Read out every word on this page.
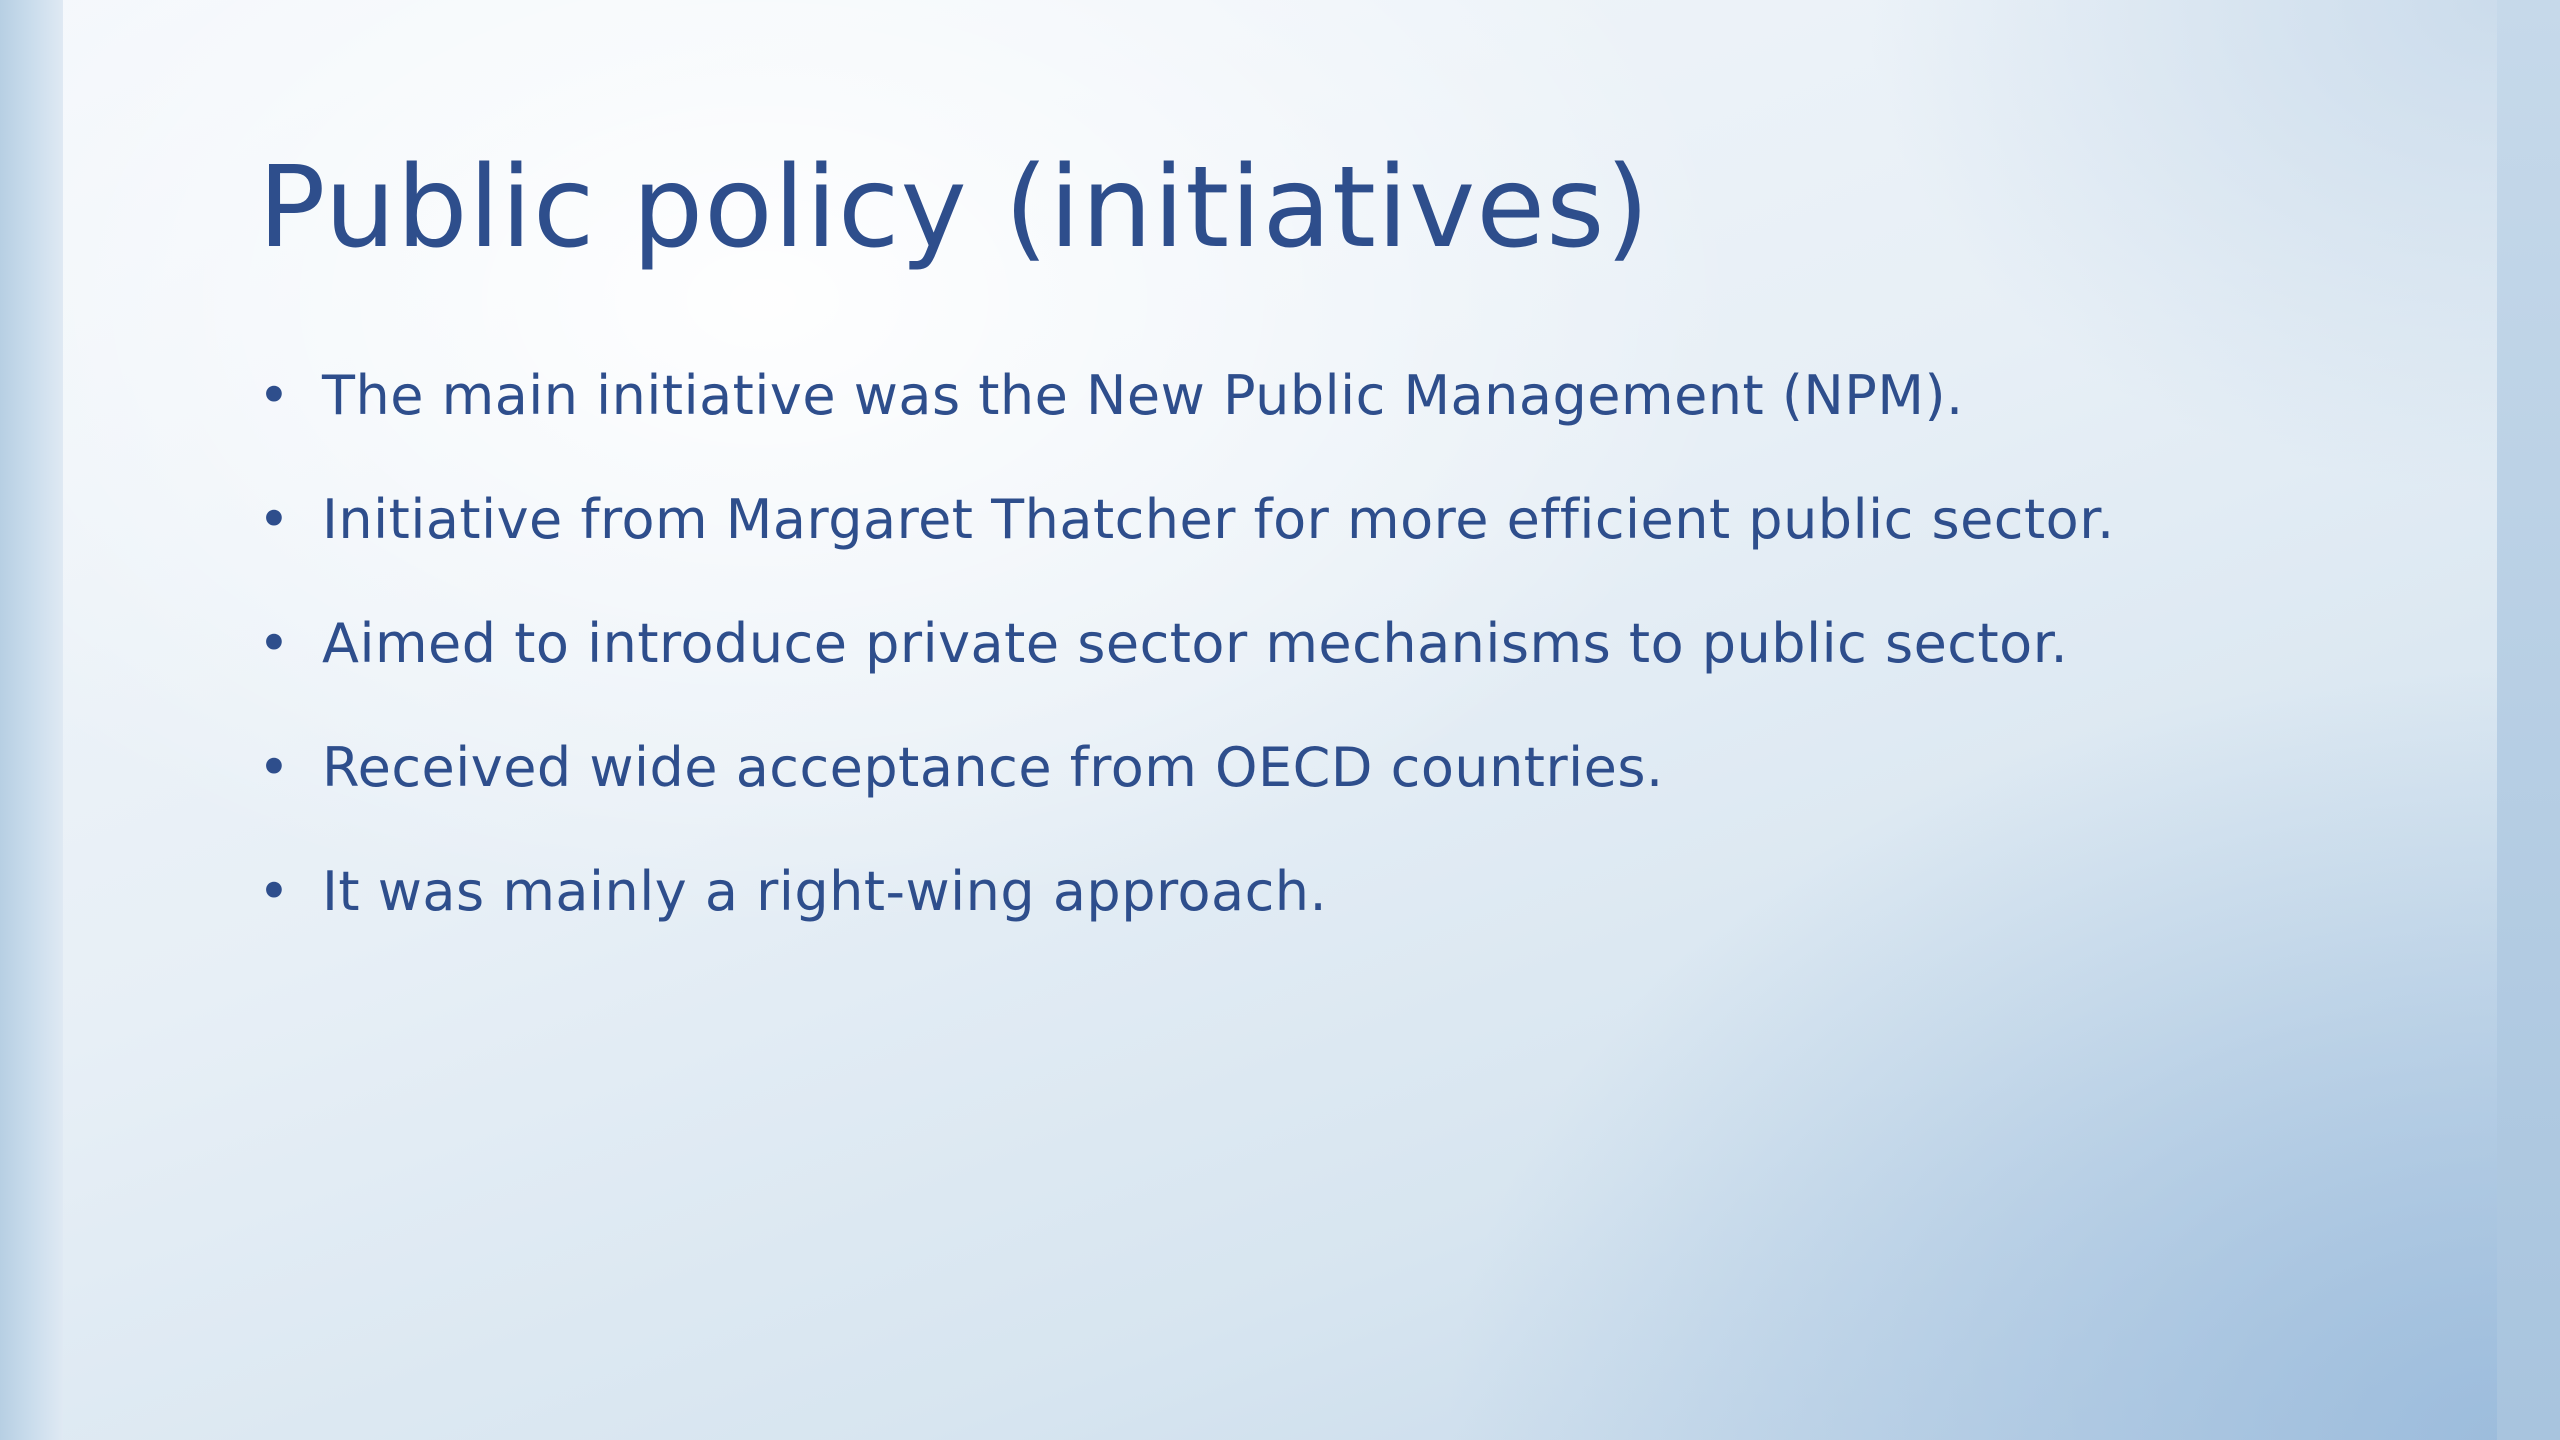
Public policy (initiatives)
• The main initiative was the New Public Management (NPM).
• Initiative from Margaret Thatcher for more efficient public sector.
• Aimed to introduce private sector mechanisms to public sector.
• Received wide acceptance from OECD countries.
• It was mainly a right-wing approach.
